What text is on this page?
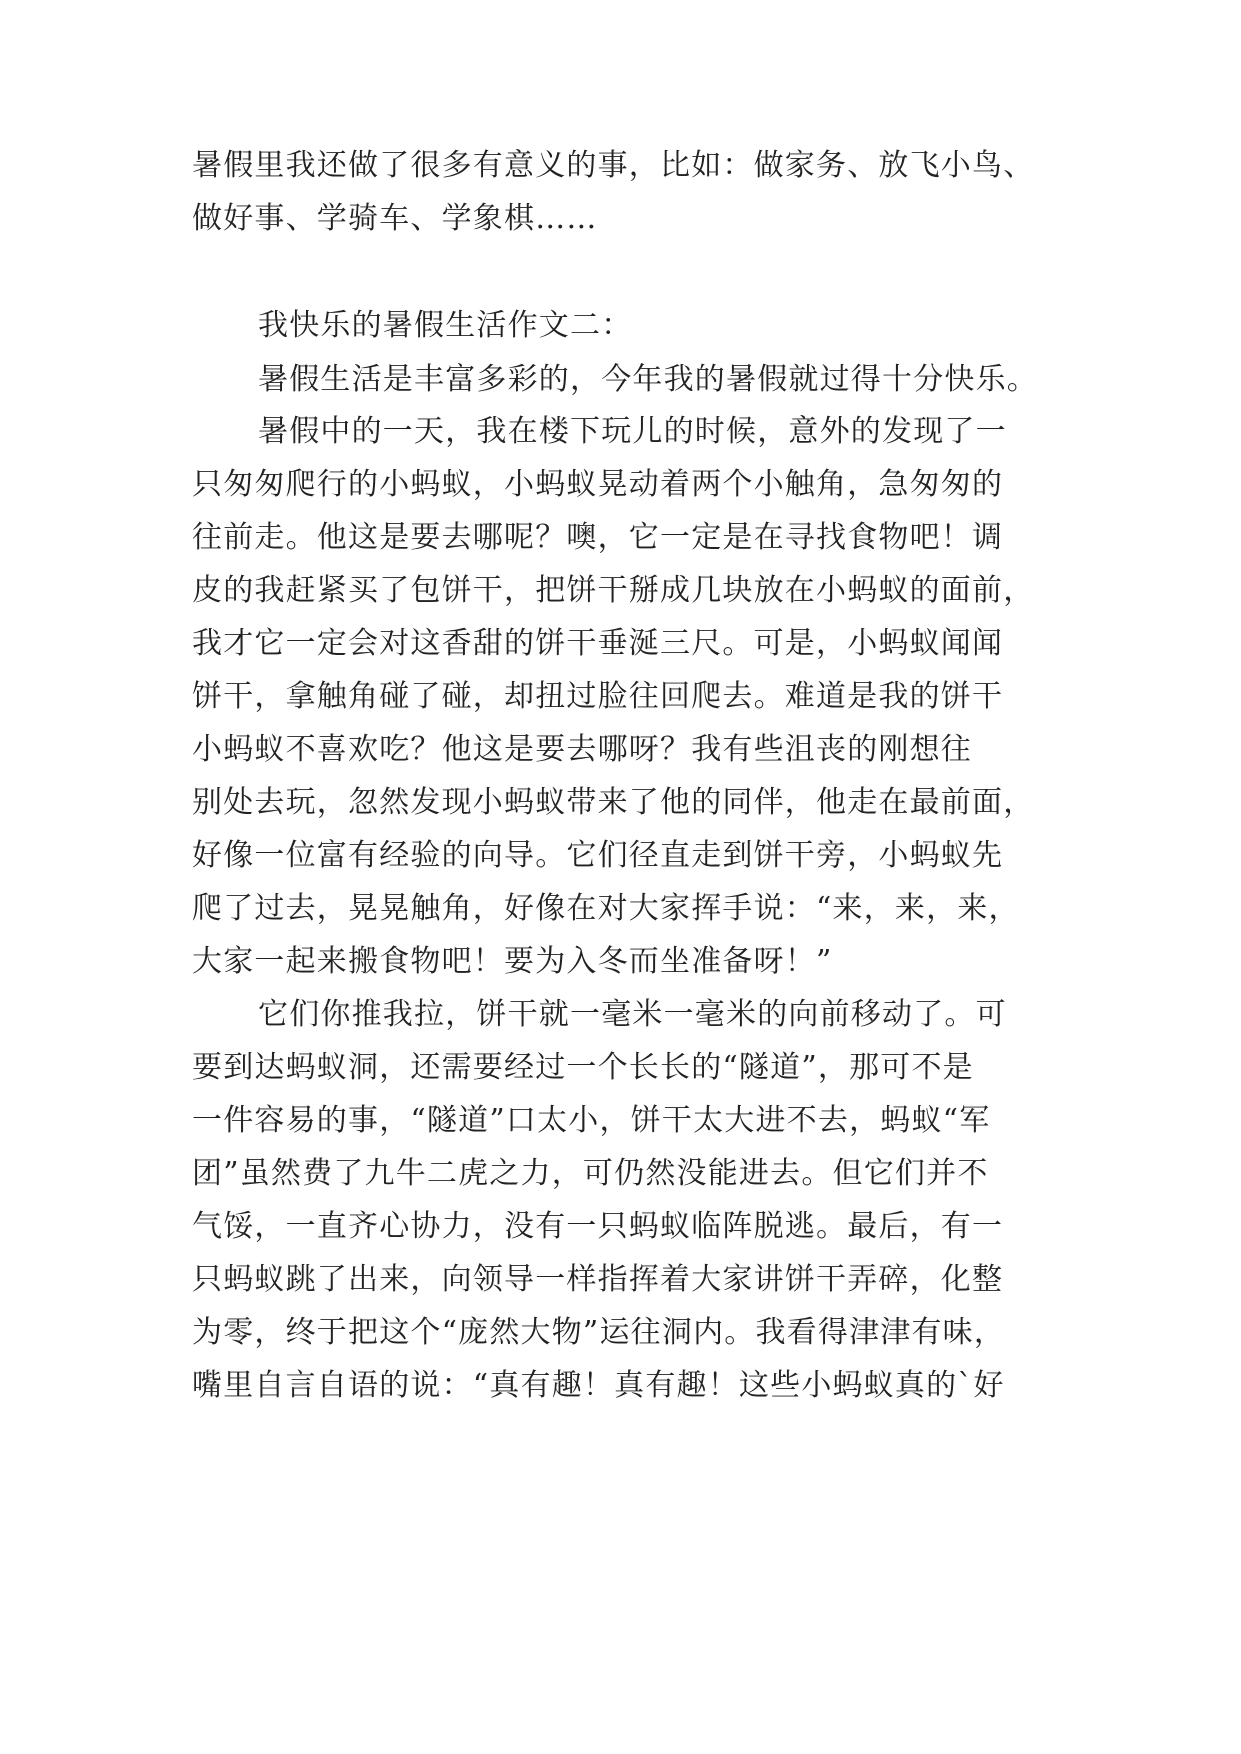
暑假里我还做了很多有意义的事，比如：做家务、放飞小鸟、
做好事、学骑车、学象棋……
我快乐的暑假生活作文二：
暑假生活是丰富多彩的，今年我的暑假就过得十分快乐。
暑假中的一天，我在楼下玩儿的时候，意外的发现了一
只匆匆爬行的小蚂蚁，小蚂蚁晃动着两个小触角，急匆匆的
往前走。他这是要去哪呢？噢，它一定是在寻找食物吧！调
皮的我赶紧买了包饼干，把饼干掰成几块放在小蚂蚁的面前，
我才它一定会对这香甜的饼干垂涎三尺。可是，小蚂蚁闻闻
饼干，拿触角碰了碰，却扭过脸往回爬去。难道是我的饼干
小蚂蚁不喜欢吃？他这是要去哪呀？我有些沮丧的刚想往
别处去玩，忽然发现小蚂蚁带来了他的同伴，他走在最前面，
好像一位富有经验的向导。它们径直走到饼干旁，小蚂蚁先
爬了过去，晃晃触角，好像在对大家挥手说：“来，来，来，
大家一起来搬食物吧！要为入冬而坐准备呀！”
它们你推我拉，饼干就一毫米一毫米的向前移动了。可
要到达蚂蚁洞，还需要经过一个长长的“隧道”，那可不是
一件容易的事，“隧道”口太小，饼干太大进不去，蚂蚁“军
团”虽然费了九牛二虎之力，可仍然没能进去。但它们并不
气馁，一直齐心协力，没有一只蚂蚁临阵脱逃。最后，有一
只蚂蚁跳了出来，向领导一样指挥着大家讲饼干弄碎，化整
为零，终于把这个“庞然大物”运往洞内。我看得津津有味，
嘴里自言自语的说：“真有趣！真有趣！这些小蚂蚁真的`好
